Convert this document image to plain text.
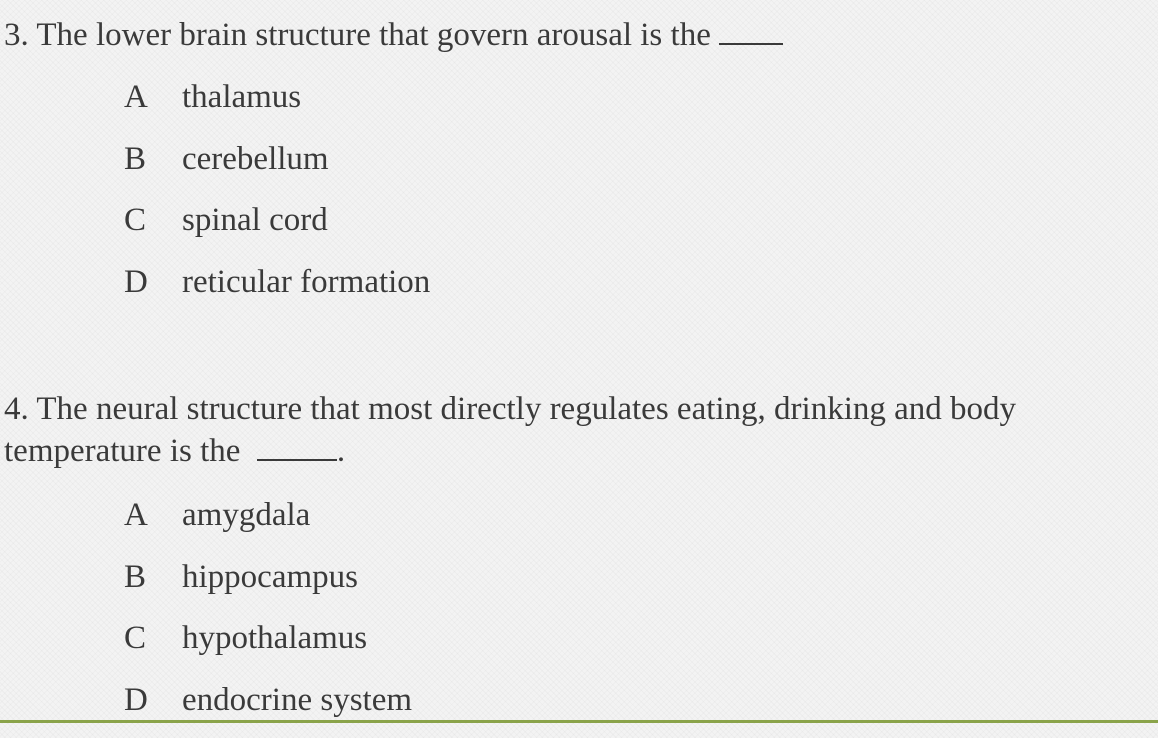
3. The lower brain structure that govern arousal is the
A thalamus
B cerebellum
C spinal cord
D reticular formation
4. The neural structure that most directly regulates eating, drinking and body temperature is the	.
A amygdala
B hippocampus
C hypothalamus
D endocrine system
